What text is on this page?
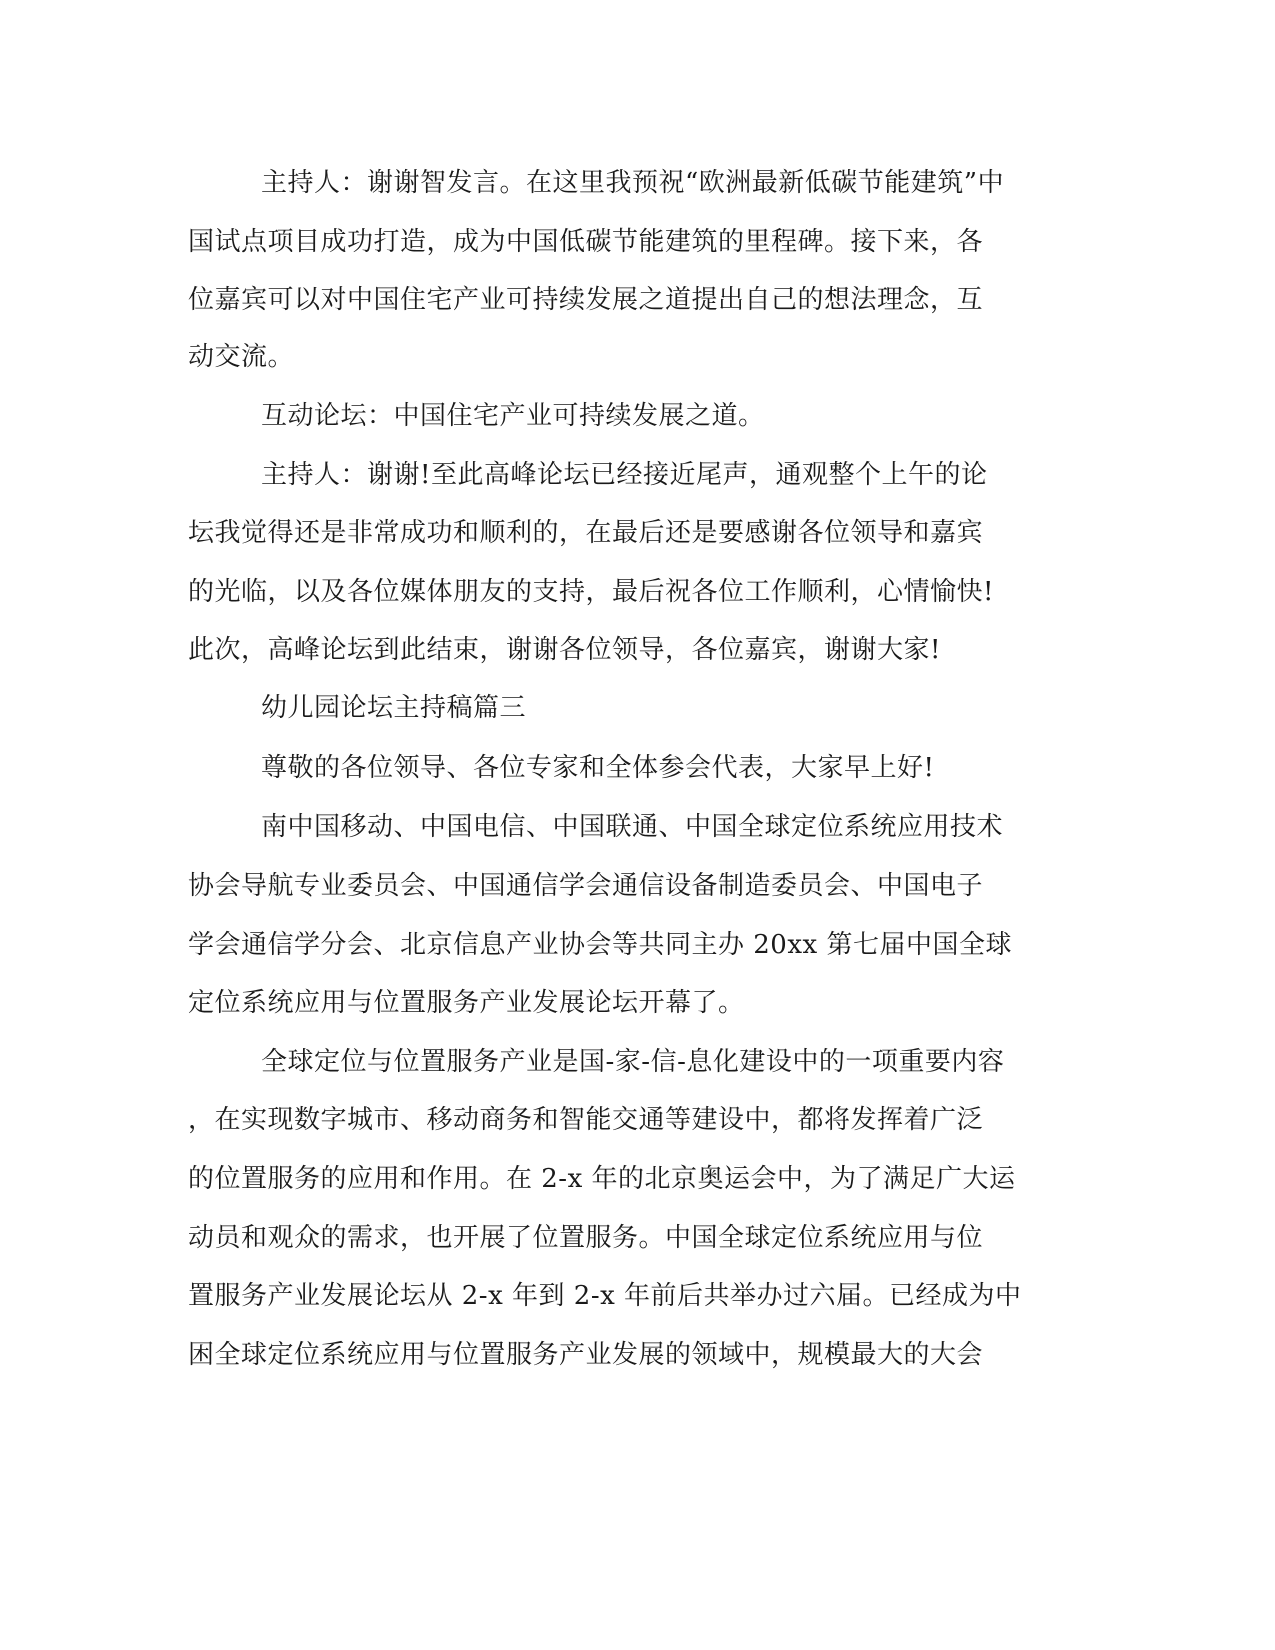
主持人：谢谢智发言。在这里我预祝“欧洲最新低碳节能建筑”中
国试点项目成功打造，成为中国低碳节能建筑的里程碑。接下来，各
位嘉宾可以对中国住宅产业可持续发展之道提出自己的想法理念，互
动交流。
互动论坛：中国住宅产业可持续发展之道。
主持人：谢谢!至此高峰论坛已经接近尾声，通观整个上午的论
坛我觉得还是非常成功和顺利的，在最后还是要感谢各位领导和嘉宾
的光临，以及各位媒体朋友的支持，最后祝各位工作顺利，心情愉快!
此次，高峰论坛到此结束，谢谢各位领导，各位嘉宾，谢谢大家!
幼儿园论坛主持稿篇三
尊敬的各位领导、各位专家和全体参会代表，大家早上好!
南中国移动、中国电信、中国联通、中国全球定位系统应用技术
协会导航专业委员会、中国通信学会通信设备制造委员会、中国电子
学会通信学分会、北京信息产业协会等共同主办 20xx 第七届中国全球
定位系统应用与位置服务产业发展论坛开幕了。
全球定位与位置服务产业是国-家-信-息化建设中的一项重要内容
，在实现数字城市、移动商务和智能交通等建设中，都将发挥着广泛
的位置服务的应用和作用。在 2-x 年的北京奥运会中，为了满足广大运
动员和观众的需求，也开展了位置服务。中国全球定位系统应用与位
置服务产业发展论坛从 2-x 年到 2-x 年前后共举办过六届。已经成为中
困全球定位系统应用与位置服务产业发展的领域中，规模最大的大会
